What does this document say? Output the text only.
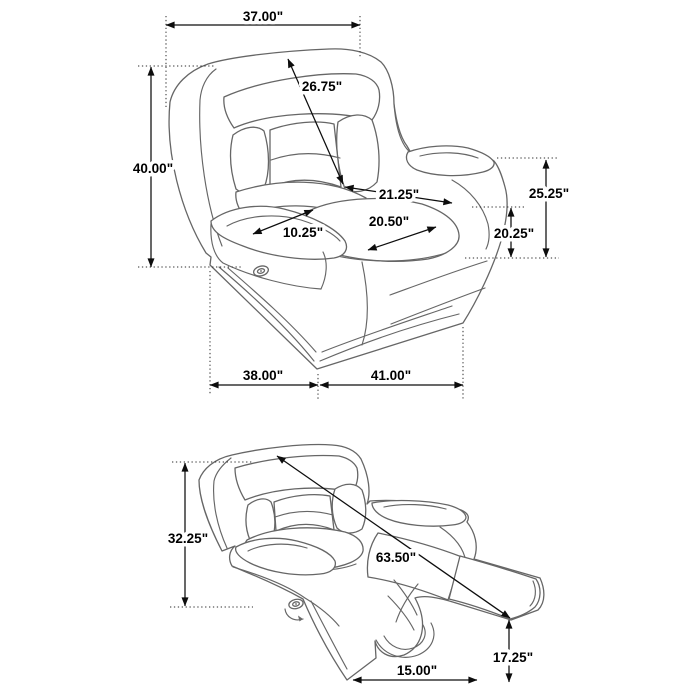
37.00"
26.75"
40.00"
21.25"
20.50"
10.25"
25.25"
20.25"
38.00"	41.00"
32.25"
63.50"
17.25"
15.00"
